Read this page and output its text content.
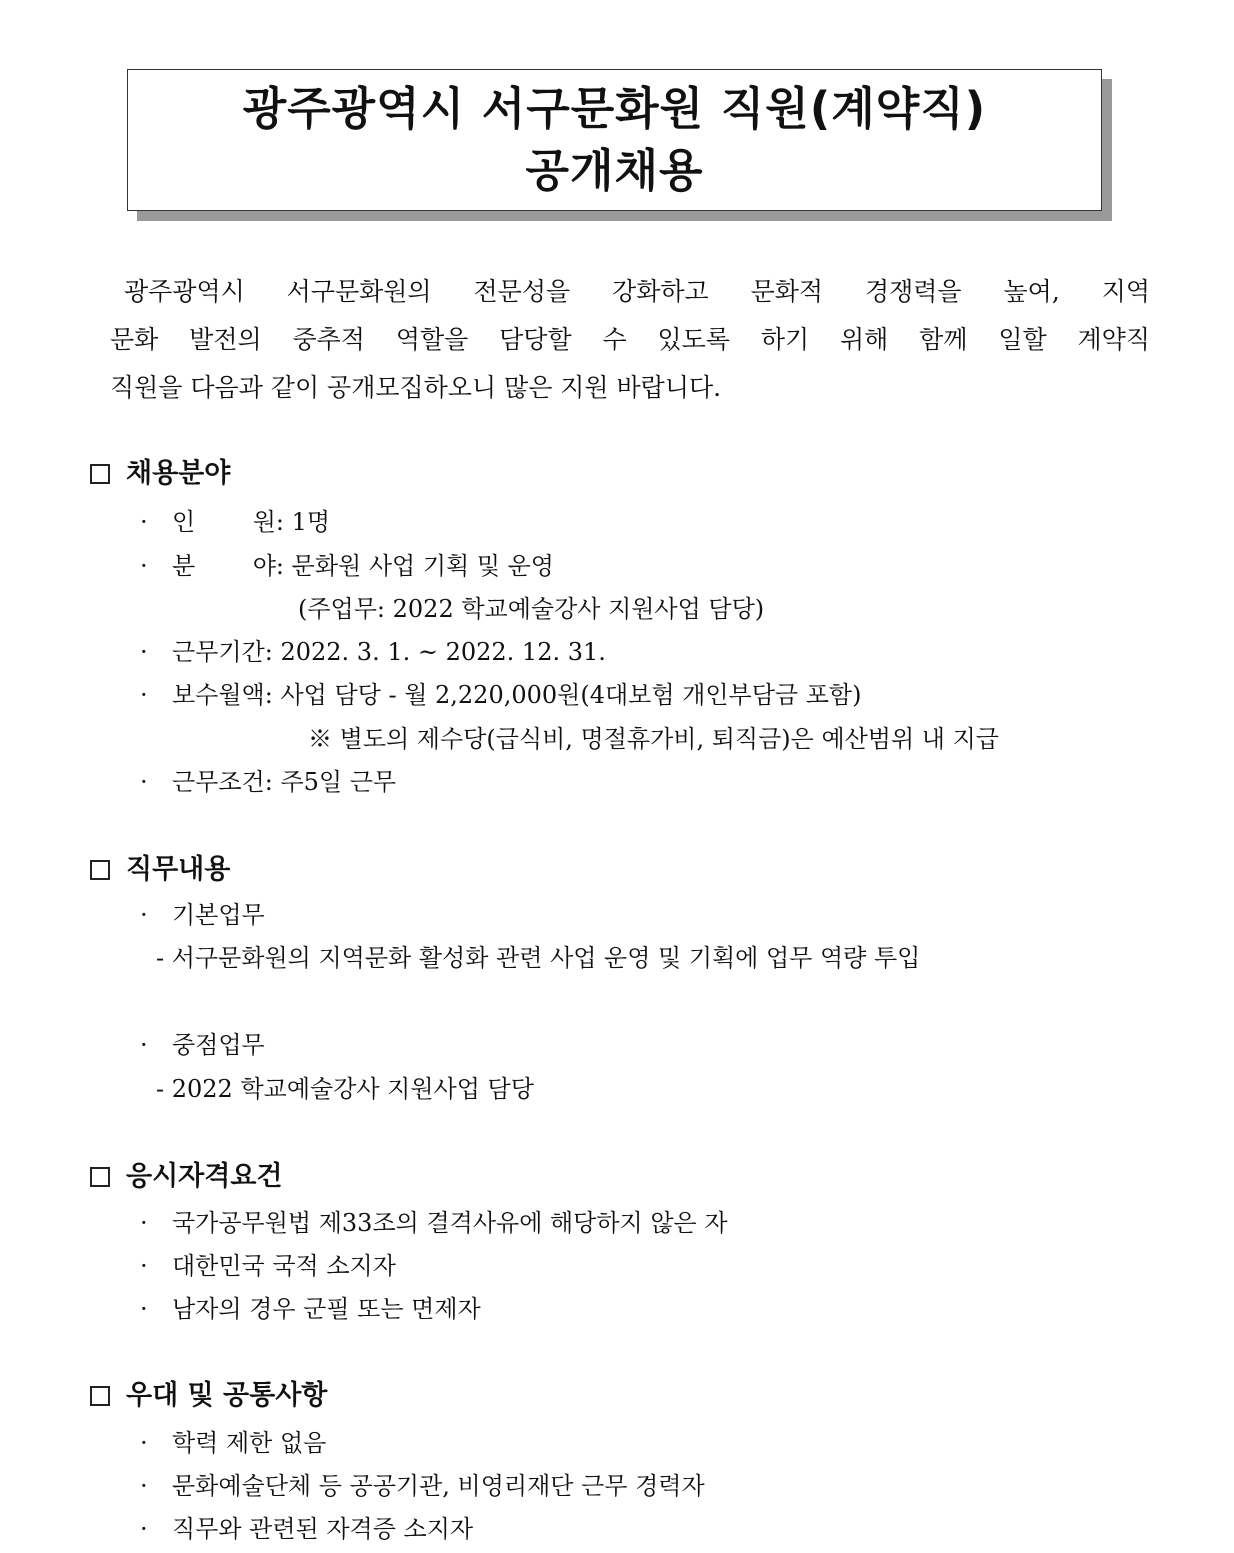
광주광역시 서구문화원 직원(계약직)
공개채용

광주광역시 서구문화원의 전문성을 강화하고 문화적 경쟁력을 높여, 지역

문화 발전의 중추적 역할을 담당할 수 있도록 하기 위해 함께 일할 계약직

직원을 다음과 같이 공개모집하오니 많은 지원 바랍니다.

채용분야
· 인 원: 1명
· 분 야: 문화원 사업 기획 및 운영
(주업무: 2022 학교예술강사 지원사업 담당)
· 근무기간: 2022. 3. 1. ~ 2022. 12. 31.
· 보수월액: 사업 담당 - 월 2,220,000원(4대보험 개인부담금 포함)
※ 별도의 제수당(급식비, 명절휴가비, 퇴직금)은 예산범위 내 지급
· 근무조건: 주5일 근무
직무내용
· 기본업무
- 서구문화원의 지역문화 활성화 관련 사업 운영 및 기획에 업무 역량 투입
· 중점업무
- 2022 학교예술강사 지원사업 담당
응시자격요건
· 국가공무원법 제33조의 결격사유에 해당하지 않은 자
· 대한민국 국적 소지자
· 남자의 경우 군필 또는 면제자
우대 및 공통사항
· 학력 제한 없음
· 문화예술단체 등 공공기관, 비영리재단 근무 경력자
· 직무와 관련된 자격증 소지자
